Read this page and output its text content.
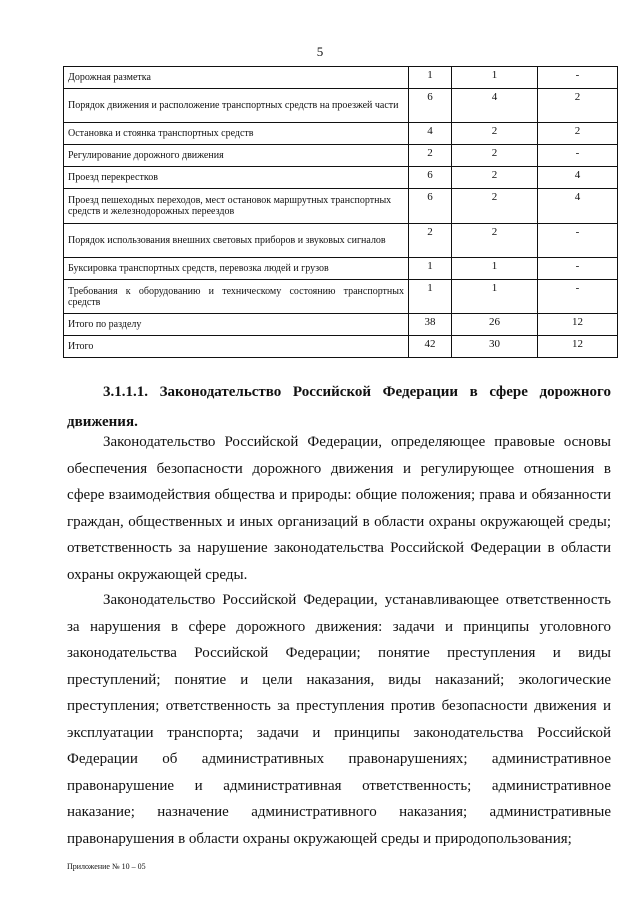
5
Дорожная разметка	1	1	-
Порядок движения и расположение транспортных средств на проезжей части	6	4	2
Остановка и стоянка транспортных средств	4	2	2
Регулирование дорожного движения	2	2	-
Проезд перекрестков	6	2	4
Проезд пешеходных переходов, мест остановок маршрутных транспортных средств и железнодорожных переездов	6	2	4
Порядок использования внешних световых приборов и звуковых сигналов	2	2	-
Буксировка транспортных средств, перевозка людей и грузов	1	1	-
Требования к оборудованию и техническому состоянию транспортных средств	1	1	-
Итого по разделу	38	26	12
Итого	42	30	12
3.1.1.1. Законодательство Российской Федерации в сфере дорожного движения.
Законодательство Российской Федерации, определяющее правовые основы обеспечения безопасности дорожного движения и регулирующее отношения в сфере взаимодействия общества и природы: общие положения; права и обязанности граждан, общественных и иных организаций в области охраны окружающей среды; ответственность за нарушение законодательства Российской Федерации в области охраны окружающей среды.
Законодательство Российской Федерации, устанавливающее ответственность за нарушения в сфере дорожного движения: задачи и принципы уголовного законодательства Российской Федерации; понятие преступления и виды преступлений; понятие и цели наказания, виды наказаний; экологические преступления; ответственность за преступления против безопасности движения и эксплуатации транспорта; задачи и принципы законодательства Российской Федерации об административных правонарушениях; административное правонарушение и административная ответственность; административное наказание; назначение административного наказания; административные правонарушения в области охраны окружающей среды и природопользования;
Приложение № 10 – 05
